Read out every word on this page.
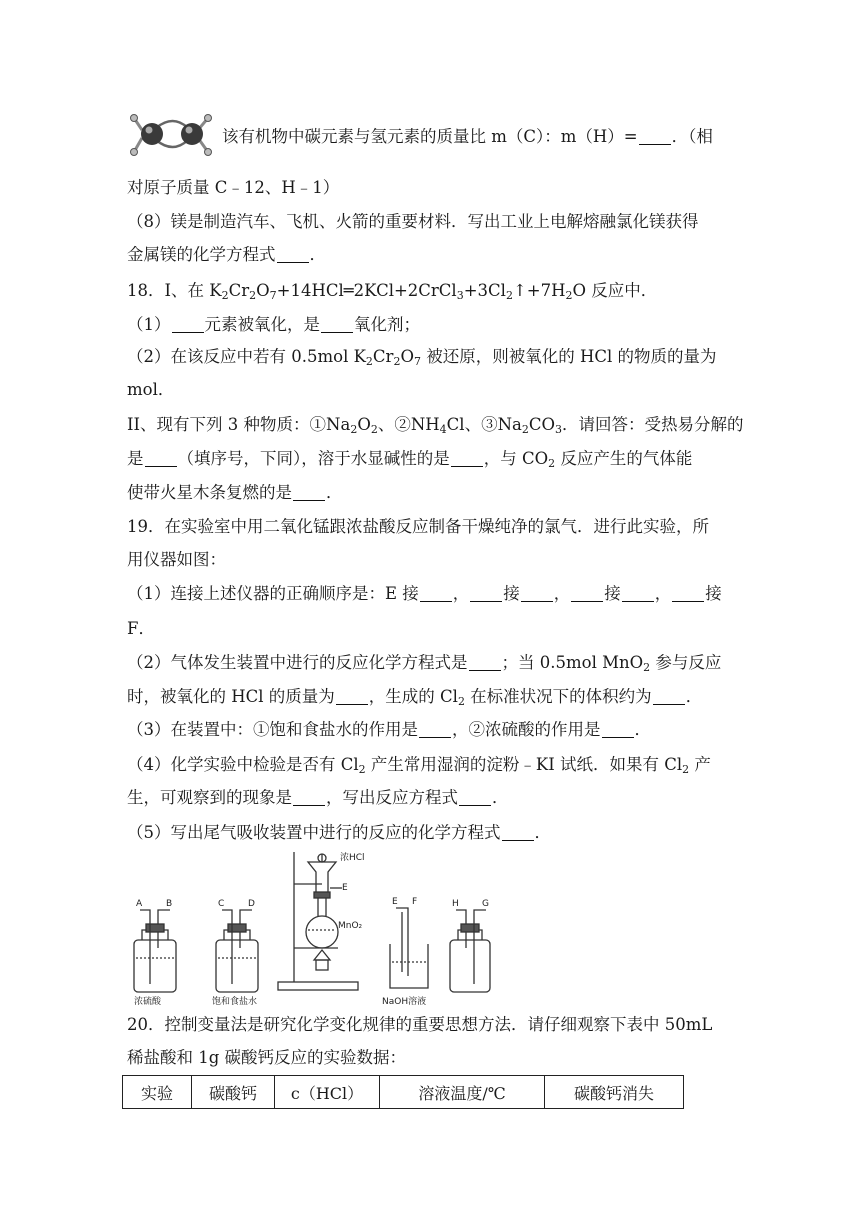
该有机物中碳元素与氢元素的质量比 m（C）：m（H）= ．（相
对原子质量 C﹣12、H﹣1）
（8）镁是制造汽车、飞机、火箭的重要材料．写出工业上电解熔融氯化镁获得
金属镁的化学方程式 ．
18．I、在 $K_2Cr_2O_7+14HCl═2KCl+2CrCl_3+3Cl_2↑+7H_2O$ 反应中．
（1） 元素被氧化，是 氧化剂；
（2）在该反应中若有 0.5mol $K_2Cr_2O_7$ 被还原，则被氧化的 HCl 的物质的量为
mol．
II、现有下列 3 种物质：$①Na_2O_2$、$②NH_4Cl$、$③Na_2CO_3$．请回答：受热易分解的
是 （填序号，下同），溶于水显碱性的是 ，与 $CO_2$ 反应产生的气体能
使带火星木条复燃的是 ．
19．在实验室中用二氧化锰跟浓盐酸反应制备干燥纯净的氯气．进行此实验，所
用仪器如图：
（1）连接上述仪器的正确顺序是：E 接 ， 接 ， 接 ， 接
F．
（2）气体发生装置中进行的反应化学方程式是 ；当 0.5mol MnO$_2$ 参与反应
时，被氧化的 HCl 的质量为 ，生成的 $Cl_2$ 在标准状况下的体积约为 ．
（3）在装置中：①饱和食盐水的作用是 ，②浓硫酸的作用是 ．
（4）化学实验中检验是否有 $Cl_2$ 产生常用湿润的淀粉﹣KI 试纸．如果有 $Cl_2$ 产
生，可观察到的现象是 ，写出反应方程式 ．
（5）写出尾气吸收装置中进行的反应的化学方程式 ．
A	B	C	D
浓HCl
E
MnO₂
E F	H	G
浓硫酸	饱和食盐水	NaOH溶液
20．控制变量法是研究化学变化规律的重要思想方法．请仔细观察下表中 50mL
稀盐酸和 1g 碳酸钙反应的实验数据：
实验	碳酸钙	c（HCl）	溶液温度/℃	碳酸钙消失
